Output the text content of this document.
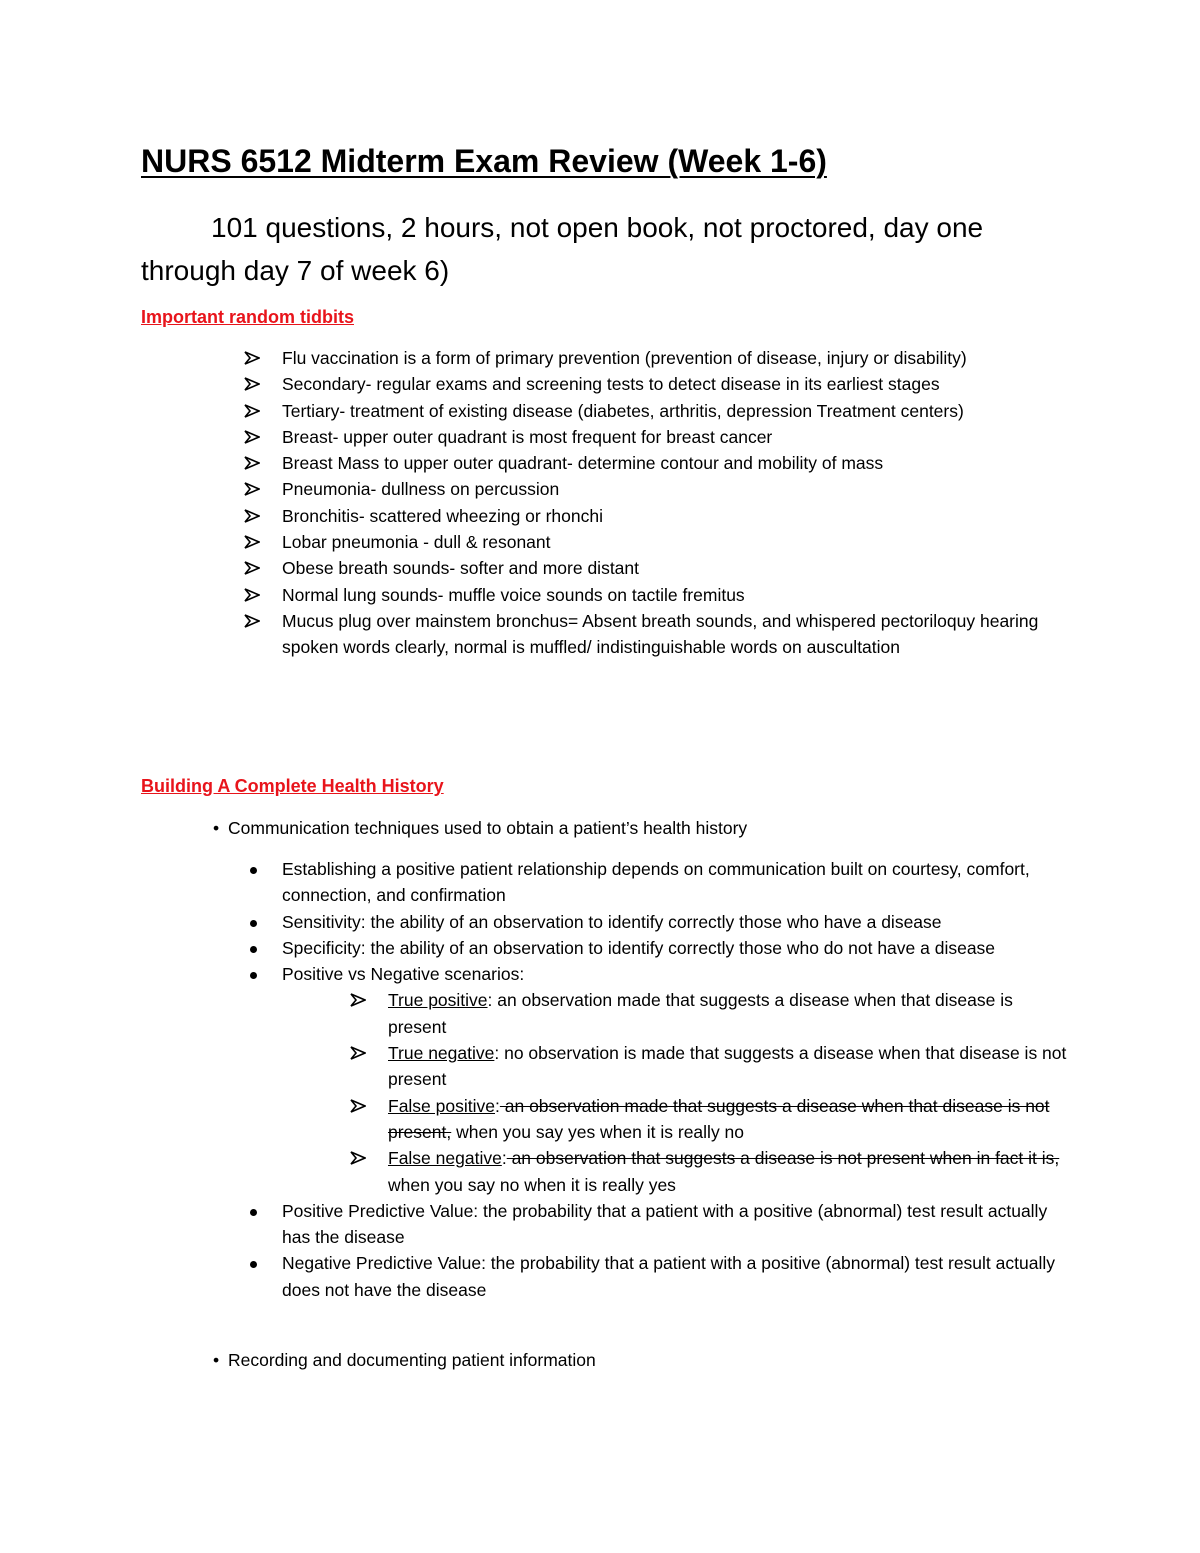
NURS 6512 Midterm Exam Review (Week 1-6)

101 questions, 2 hours, not open book, not proctored, day one through day 7 of week 6)

Important random tidbits

Flu vaccination is a form of primary prevention (prevention of disease, injury or disability)
Secondary- regular exams and screening tests to detect disease in its earliest stages
Tertiary- treatment of existing disease (diabetes, arthritis, depression Treatment centers)
Breast- upper outer quadrant is most frequent for breast cancer
Breast Mass to upper outer quadrant- determine contour and mobility of mass
Pneumonia- dullness on percussion
Bronchitis- scattered wheezing or rhonchi
Lobar pneumonia - dull & resonant
Obese breath sounds- softer and more distant
Normal lung sounds- muffle voice sounds on tactile fremitus
Mucus plug over mainstem bronchus= Absent breath sounds, and whispered pectoriloquy hearing spoken words clearly, normal is muffled/ indistinguishable words on auscultation

Building A Complete Health History

• Communication techniques used to obtain a patient’s health history

Establishing a positive patient relationship depends on communication built on courtesy, comfort, connection, and confirmation
Sensitivity: the ability of an observation to identify correctly those who have a disease
Specificity: the ability of an observation to identify correctly those who do not have a disease
Positive vs Negative scenarios:
True positive: an observation made that suggests a disease when that disease is present
True negative: no observation is made that suggests a disease when that disease is not present
False positive: an observation made that suggests a disease when that disease is not present, when you say yes when it is really no
False negative: an observation that suggests a disease is not present when in fact it is, when you say no when it is really yes
Positive Predictive Value: the probability that a patient with a positive (abnormal) test result actually has the disease
Negative Predictive Value: the probability that a patient with a positive (abnormal) test result actually does not have the disease

• Recording and documenting patient information
